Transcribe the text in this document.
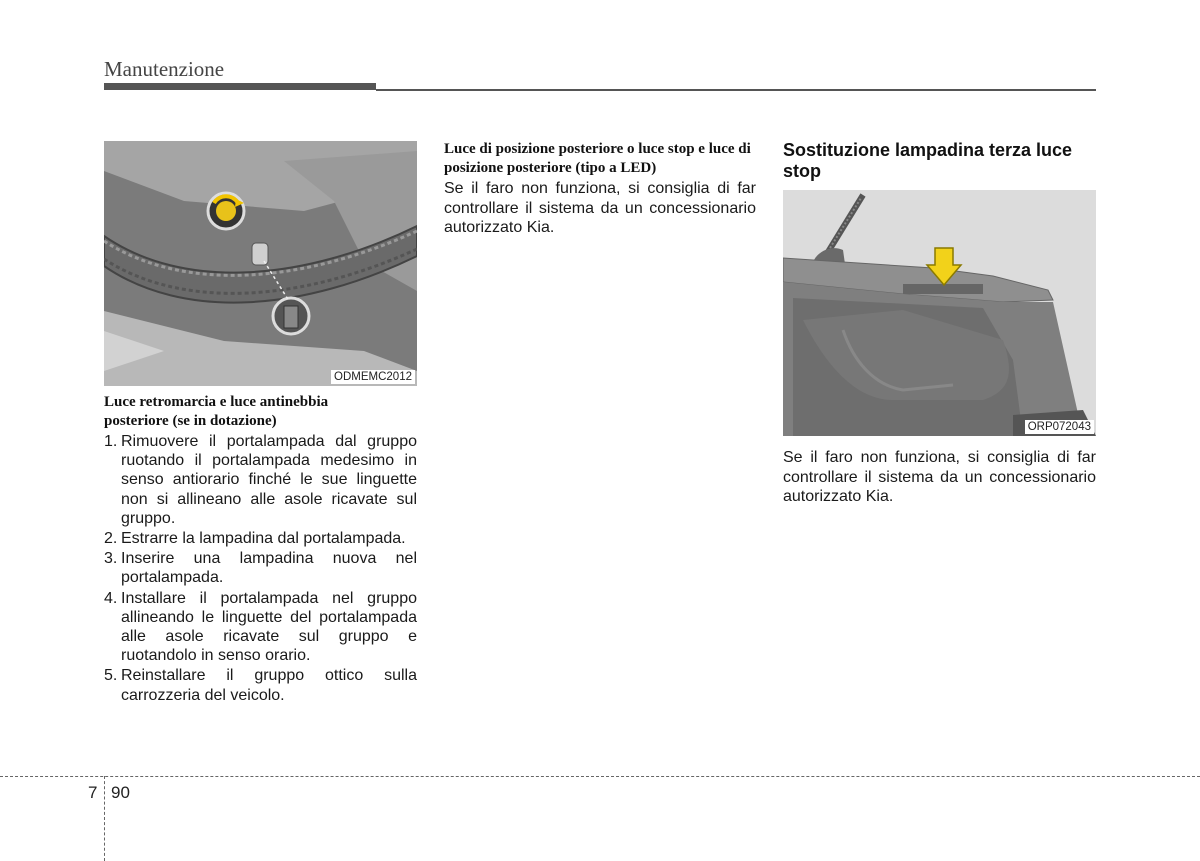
Manutenzione
ODMEMC2012
Luce retromarcia e luce antinebbia posteriore (se in dotazione)
1. Rimuovere il portalampada dal gruppo ruotando il portalampada medesimo in senso antiorario finché le sue linguette non si allineano alle asole ricavate sul gruppo.
2. Estrarre la lampadina dal portalampada.
3. Inserire una lampadina nuova nel portalampada.
4. Installare il portalampada nel gruppo allineando le linguette del portalampada alle asole ricavate sul gruppo e ruotandolo in senso orario.
5. Reinstallare il gruppo ottico sulla carrozzeria del veicolo.
Luce di posizione posteriore o luce stop e luce di posizione posteriore (tipo a LED)
Se il faro non funziona, si consiglia di far controllare il sistema da un concessionario autorizzato Kia.
Sostituzione lampadina terza luce stop
ORP072043
Se il faro non funziona, si consiglia di far controllare il sistema da un concessionario autorizzato Kia.
7 90
